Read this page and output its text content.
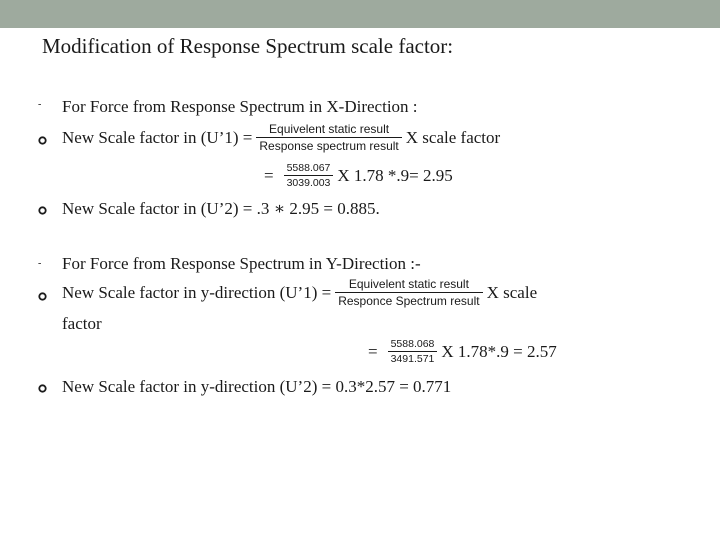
Modification of Response Spectrum scale factor:
- For Force from Response Spectrum in X-Direction :
New Scale factor in (U’1) = $\frac{\text{Equivelent static result}}{\text{Response spectrum result}}$ X scale factor
= $\frac{5588.067}{3039.003}$ X 1.78 *.9= 2.95
New Scale factor in (U’2) = .3 ∗ 2.95 = 0.885.
- For Force from Response Spectrum in Y-Direction :-
New Scale factor in y-direction (U’1) = $\frac{\text{Equivelent static result}}{\text{Responce Spectrum result}}$ X scale
factor
= $\frac{5588.068}{3491.571}$ X 1.78*.9 = 2.57
New Scale factor in y-direction (U’2) = 0.3*2.57 = 0.771
